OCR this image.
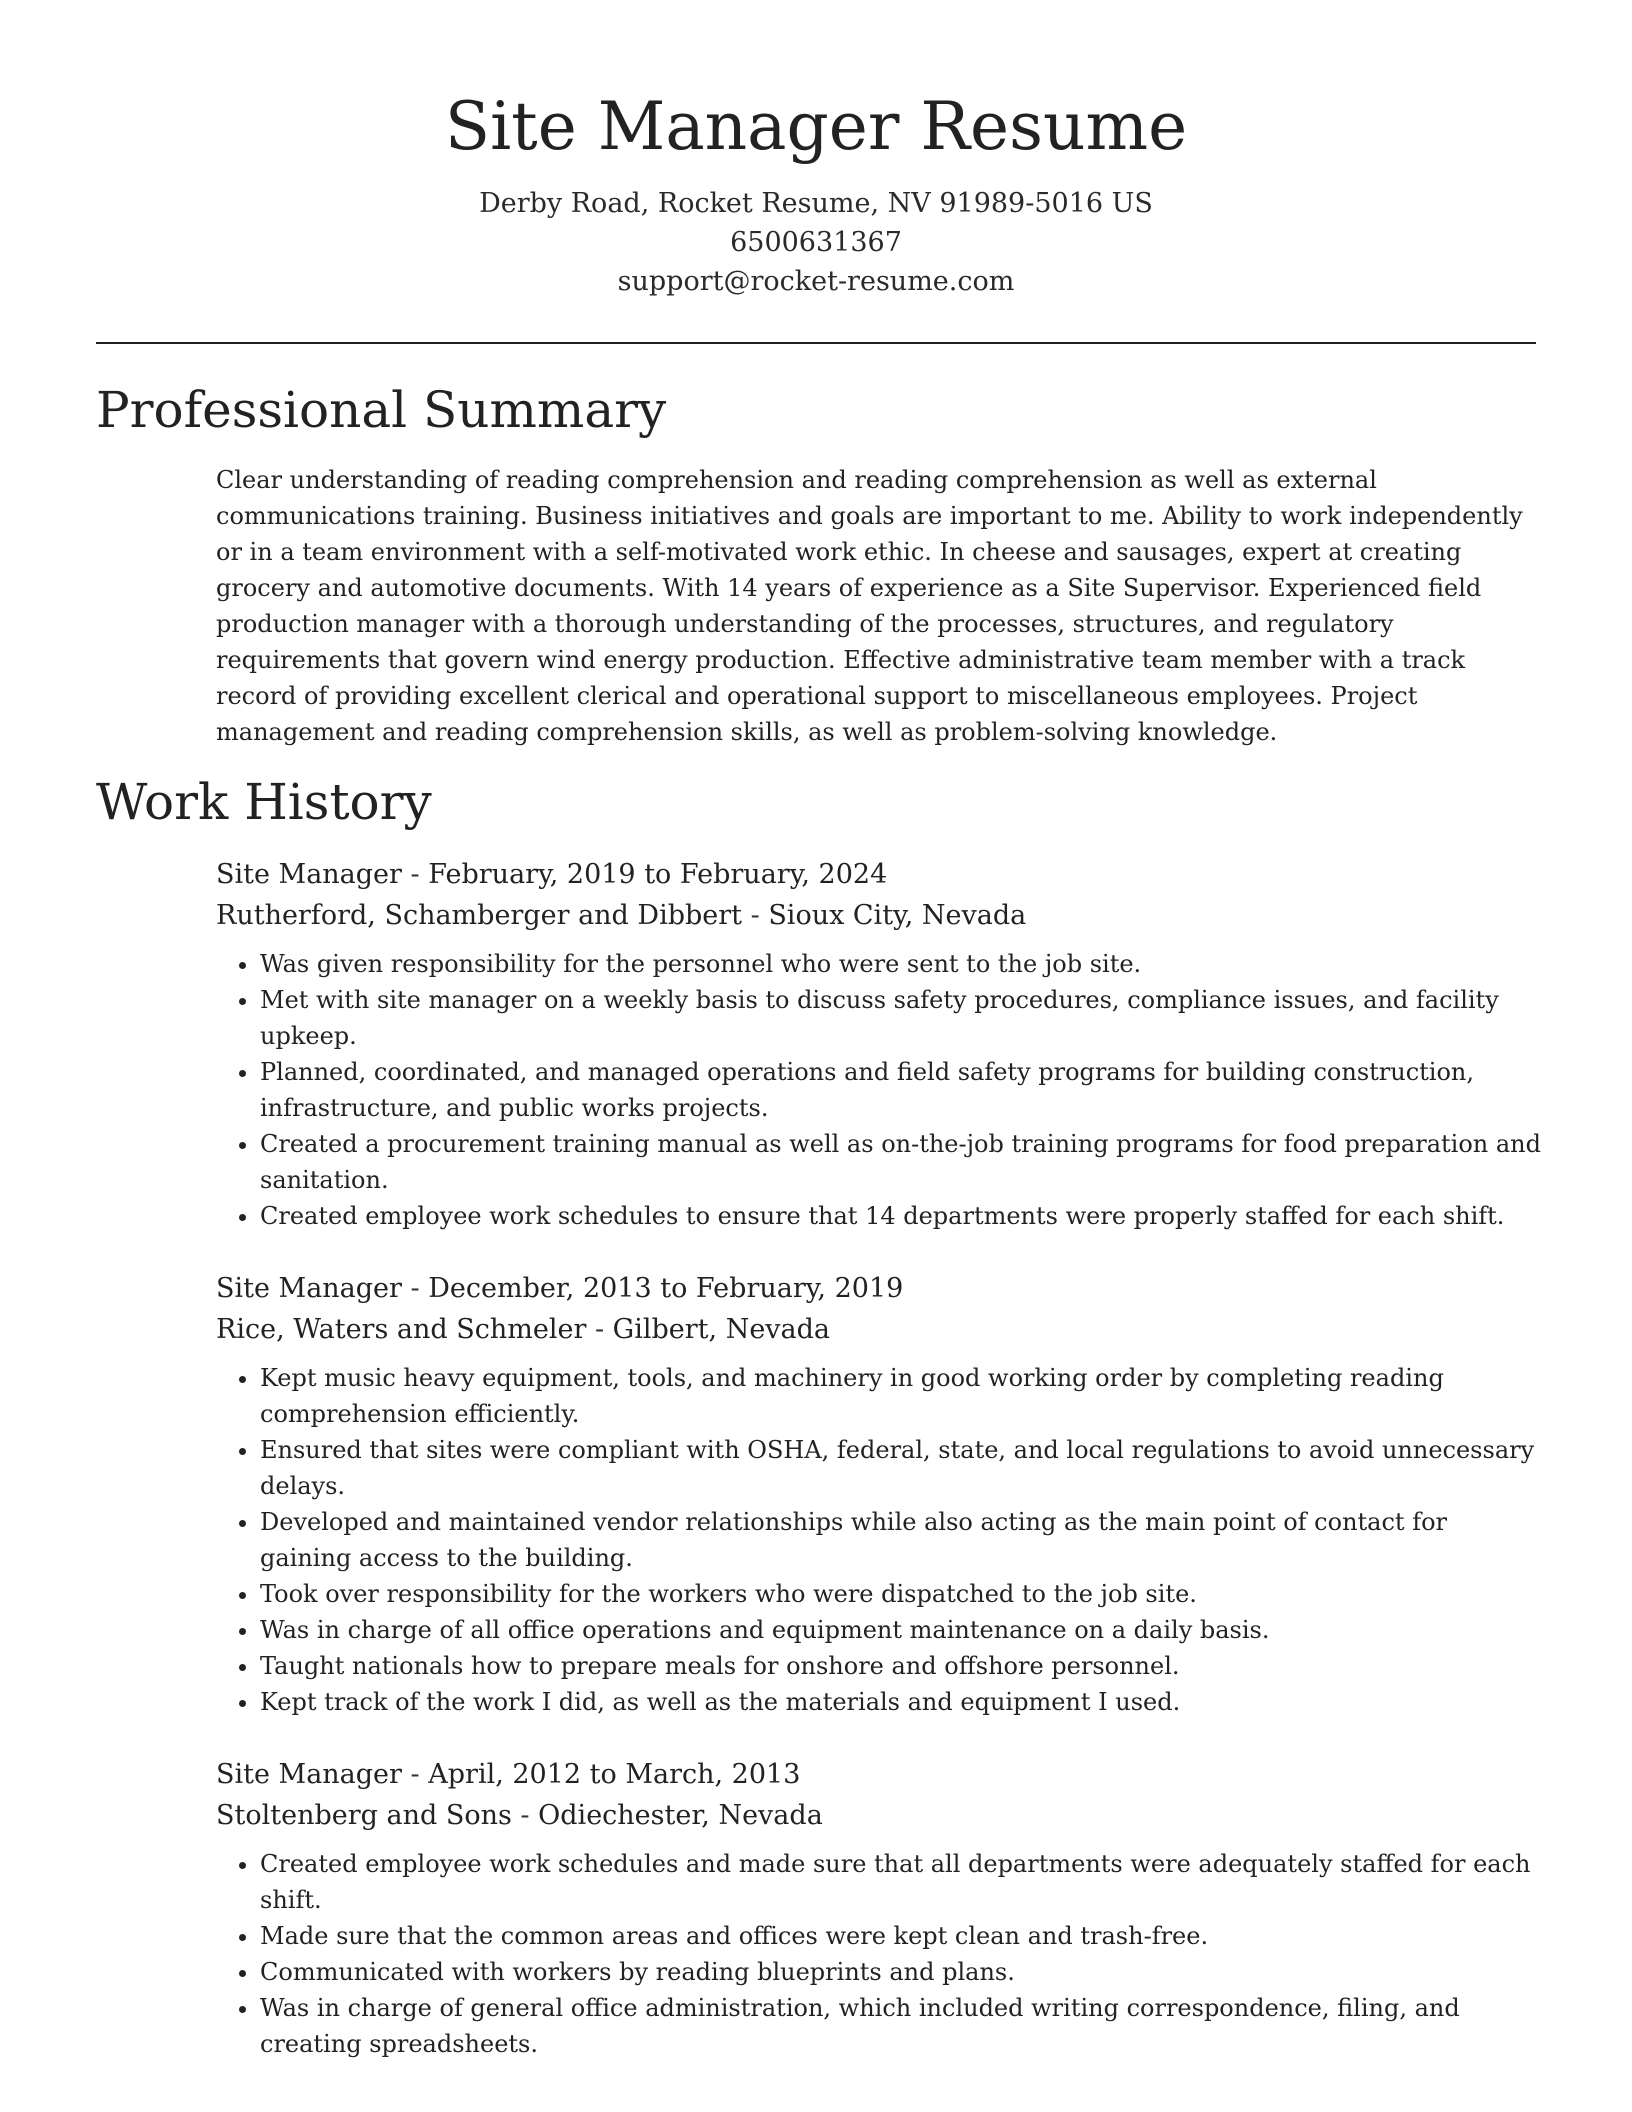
Site Manager Resume
Derby Road, Rocket Resume, NV 91989-5016 US
6500631367
support@rocket-resume.com
Professional Summary

Clear understanding of reading comprehension and reading comprehension as well as external communications training. Business initiatives and goals are important to me. Ability to work independently or in a team environment with a self-motivated work ethic. In cheese and sausages, expert at creating grocery and automotive documents. With 14 years of experience as a Site Supervisor. Experienced field production manager with a thorough understanding of the processes, structures, and regulatory requirements that govern wind energy production. Effective administrative team member with a track record of providing excellent clerical and operational support to miscellaneous employees. Project management and reading comprehension skills, as well as problem-solving knowledge.

Work History
Site Manager - February, 2019 to February, 2024
Rutherford, Schamberger and Dibbert - Sioux City, Nevada
• Was given responsibility for the personnel who were sent to the job site.
• Met with site manager on a weekly basis to discuss safety procedures, compliance issues, and facility upkeep.
• Planned, coordinated, and managed operations and field safety programs for building construction, infrastructure, and public works projects.
• Created a procurement training manual as well as on-the-job training programs for food preparation and sanitation.
• Created employee work schedules to ensure that 14 departments were properly staffed for each shift.
Site Manager - December, 2013 to February, 2019
Rice, Waters and Schmeler - Gilbert, Nevada
• Kept music heavy equipment, tools, and machinery in good working order by completing reading comprehension efficiently.
• Ensured that sites were compliant with OSHA, federal, state, and local regulations to avoid unnecessary delays.
• Developed and maintained vendor relationships while also acting as the main point of contact for gaining access to the building.
• Took over responsibility for the workers who were dispatched to the job site.
• Was in charge of all office operations and equipment maintenance on a daily basis.
• Taught nationals how to prepare meals for onshore and offshore personnel.
• Kept track of the work I did, as well as the materials and equipment I used.
Site Manager - April, 2012 to March, 2013
Stoltenberg and Sons - Odiechester, Nevada
• Created employee work schedules and made sure that all departments were adequately staffed for each shift.
• Made sure that the common areas and offices were kept clean and trash-free.
• Communicated with workers by reading blueprints and plans.
• Was in charge of general office administration, which included writing correspondence, filing, and creating spreadsheets.
